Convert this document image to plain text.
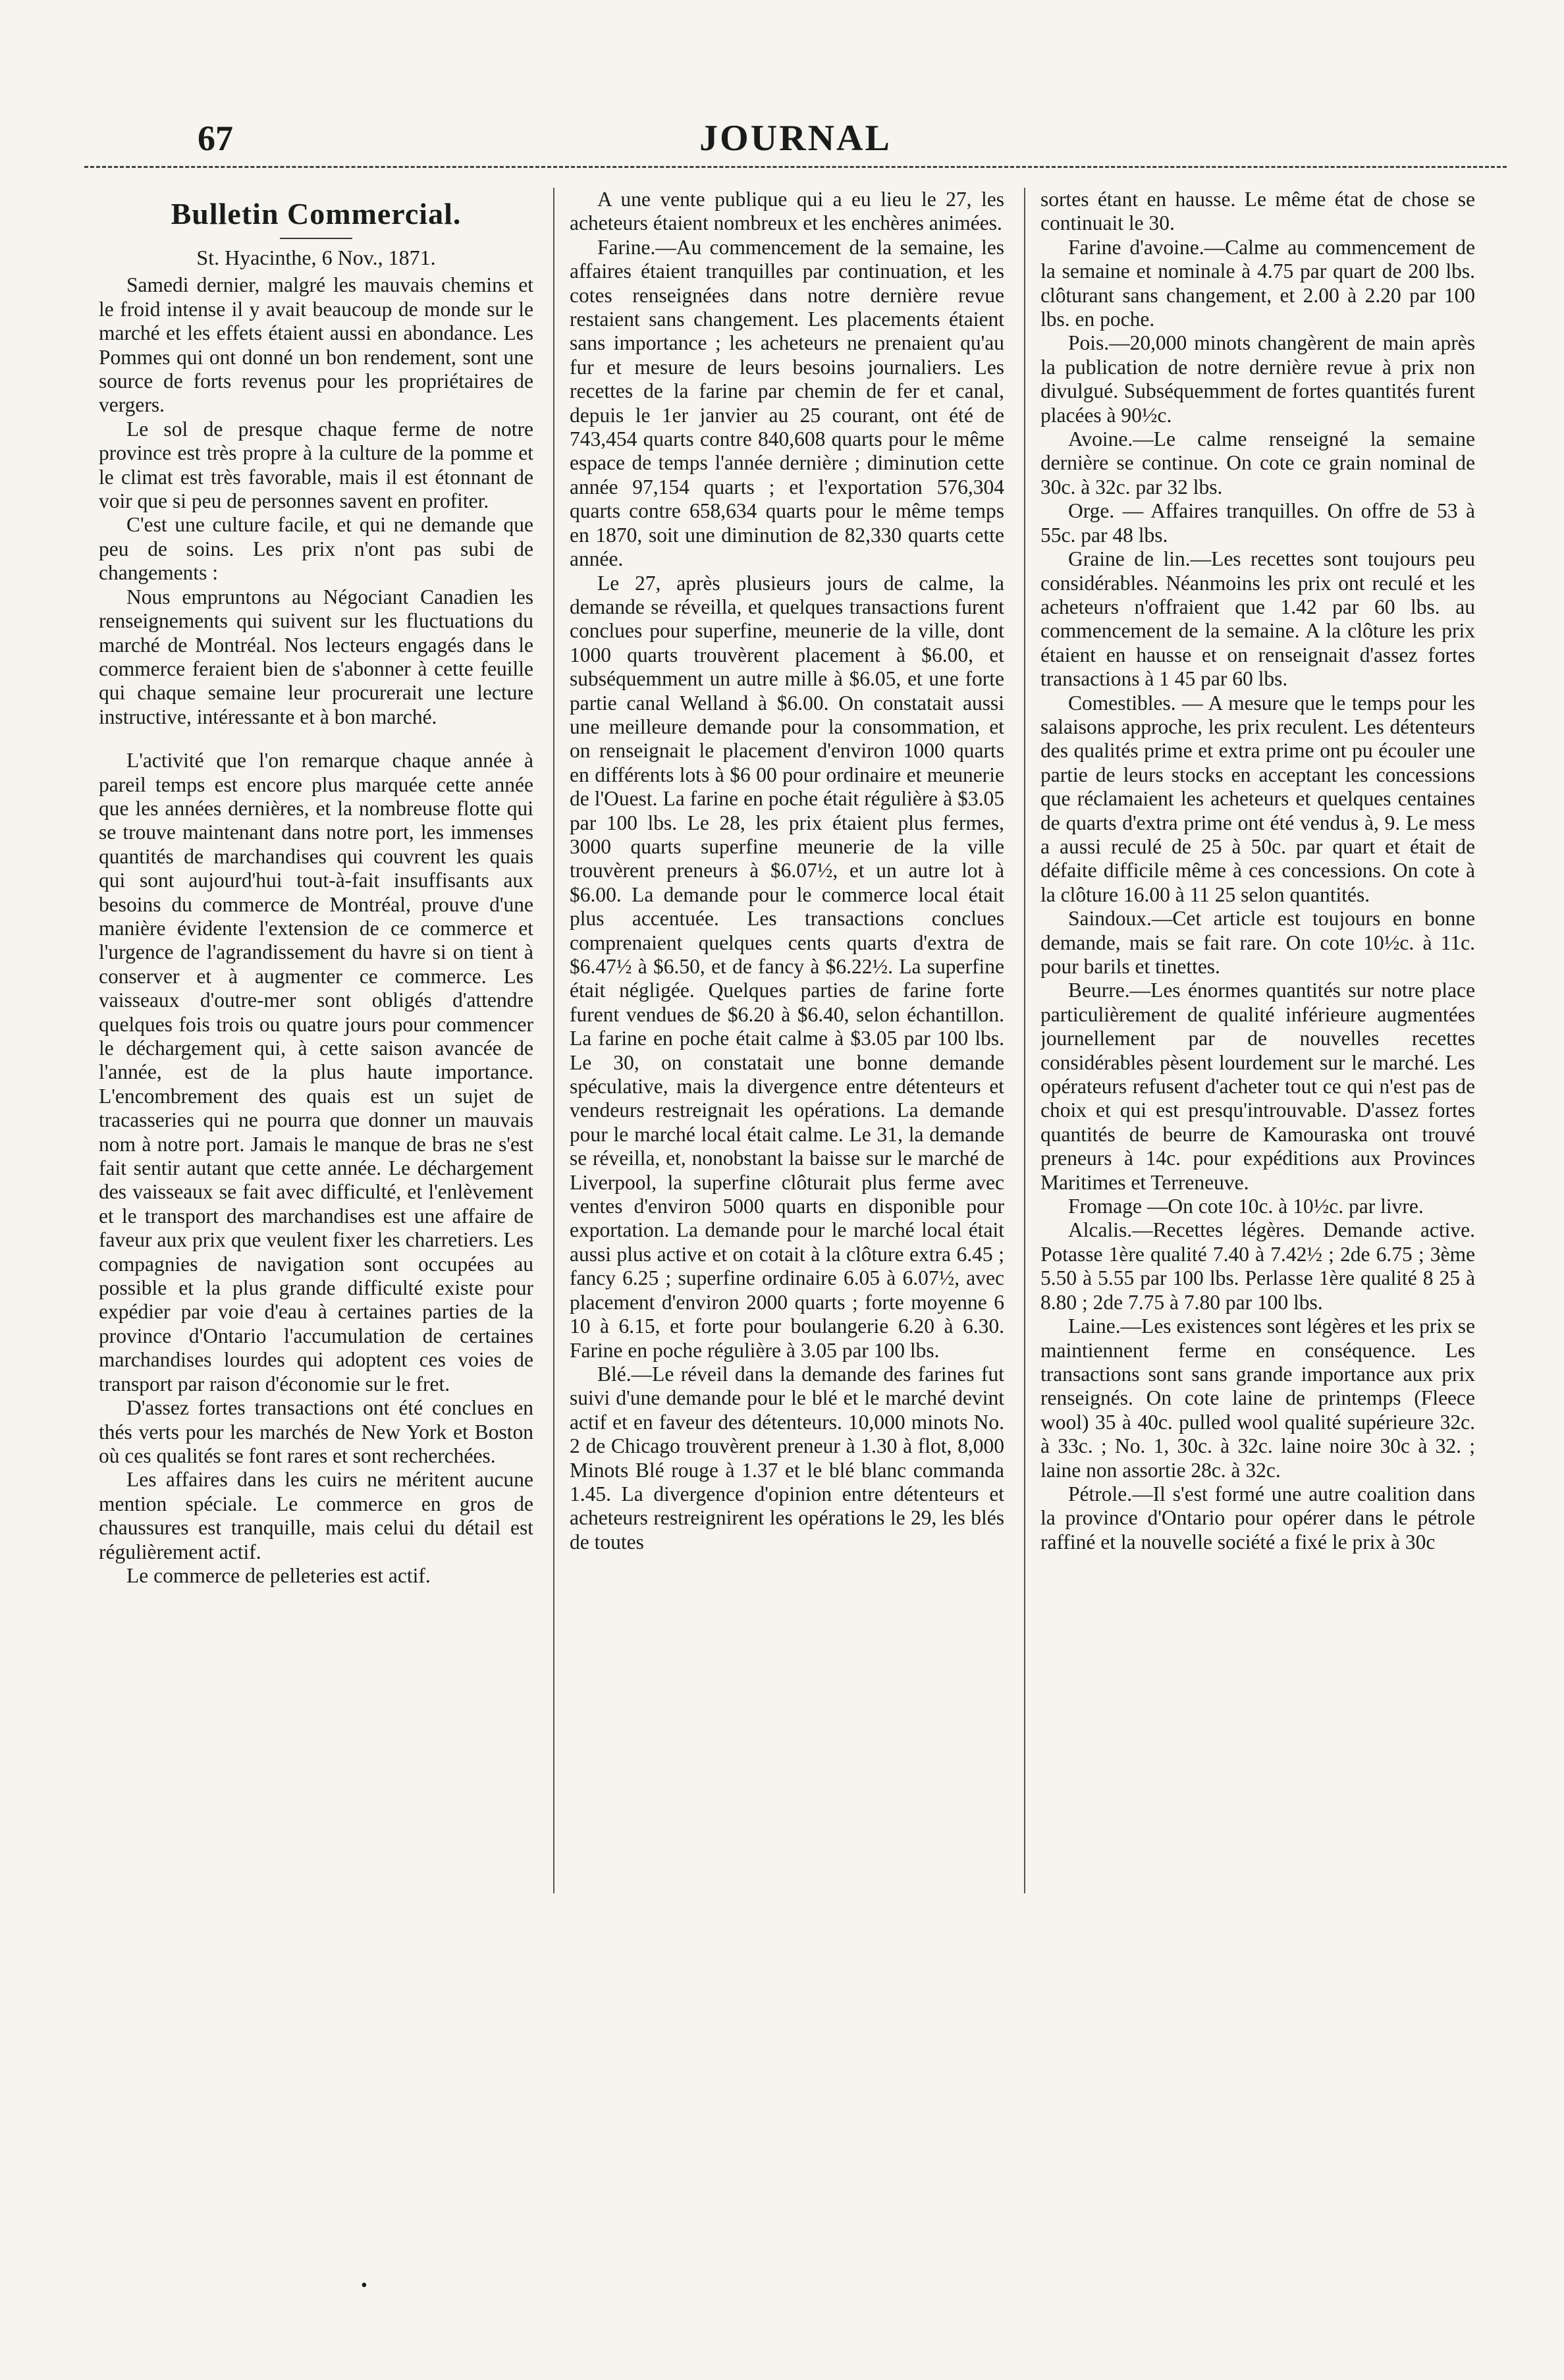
67	JOURNAL
Bulletin Commercial.
St. Hyacinthe, 6 Nov., 1871.

Samedi dernier, malgré les mauvais chemins et le froid intense il y avait beaucoup de monde sur le marché et les effets étaient aussi en abondance. Les Pommes qui ont donné un bon rendement, sont une source de forts revenus pour les propriétaires de vergers.

Le sol de presque chaque ferme de notre province est très propre à la culture de la pomme et le climat est très favorable, mais il est étonnant de voir que si peu de personnes savent en profiter.

C'est une culture facile, et qui ne demande que peu de soins. Les prix n'ont pas subi de changements :

Nous empruntons au Négociant Canadien les renseignements qui suivent sur les fluctuations du marché de Montréal. Nos lecteurs engagés dans le commerce feraient bien de s'abonner à cette feuille qui chaque semaine leur procurerait une lecture instructive, intéressante et à bon marché.

L'activité que l'on remarque chaque année à pareil temps est encore plus marquée cette année que les années dernières, et la nombreuse flotte qui se trouve maintenant dans notre port, les immenses quantités de marchandises qui couvrent les quais qui sont aujourd'hui tout-à-fait insuffisants aux besoins du commerce de Montréal, prouve d'une manière évidente l'extension de ce commerce et l'urgence de l'agrandissement du havre si on tient à conserver et à augmenter ce commerce. Les vaisseaux d'outre-mer sont obligés d'attendre quelques fois trois ou quatre jours pour commencer le déchargement qui, à cette saison avancée de l'année, est de la plus haute importance. L'encombrement des quais est un sujet de tracasseries qui ne pourra que donner un mauvais nom à notre port. Jamais le manque de bras ne s'est fait sentir autant que cette année. Le déchargement des vaisseaux se fait avec difficulté, et l'enlèvement et le transport des marchandises est une affaire de faveur aux prix que veulent fixer les charretiers. Les compagnies de navigation sont occupées au possible et la plus grande difficulté existe pour expédier par voie d'eau à certaines parties de la province d'Ontario l'accumulation de certaines marchandises lourdes qui adoptent ces voies de transport par raison d'économie sur le fret.

D'assez fortes transactions ont été conclues en thés verts pour les marchés de New York et Boston où ces qualités se font rares et sont recherchées.

Les affaires dans les cuirs ne méritent aucune mention spéciale. Le commerce en gros de chaussures est tranquille, mais celui du détail est régulièrement actif.

Le commerce de pelleteries est actif.

A une vente publique qui a eu lieu le 27, les acheteurs étaient nombreux et les enchères animées.

Farine.—Au commencement de la semaine, les affaires étaient tranquilles par continuation, et les cotes renseignées dans notre dernière revue restaient sans changement. Les placements étaient sans importance ; les acheteurs ne prenaient qu'au fur et mesure de leurs besoins journaliers. Les recettes de la farine par chemin de fer et canal, depuis le 1er janvier au 25 courant, ont été de 743,454 quarts contre 840,608 quarts pour le même espace de temps l'année dernière ; diminution cette année 97,154 quarts ; et l'exportation 576,304 quarts contre 658,634 quarts pour le même temps en 1870, soit une diminution de 82,330 quarts cette année.

Le 27, après plusieurs jours de calme, la demande se réveilla, et quelques transactions furent conclues pour superfine, meunerie de la ville, dont 1000 quarts trouvèrent placement à $6.00, et subséquemment un autre mille à $6.05, et une forte partie canal Welland à $6.00. On constatait aussi une meilleure demande pour la consommation, et on renseignait le placement d'environ 1000 quarts en différents lots à $6 00 pour ordinaire et meunerie de l'Ouest. La farine en poche était régulière à $3.05 par 100 lbs. Le 28, les prix étaient plus fermes, 3000 quarts superfine meunerie de la ville trouvèrent preneurs à $6.07½, et un autre lot à $6.00. La demande pour le commerce local était plus accentuée. Les transactions conclues comprenaient quelques cents quarts d'extra de $6.47½ à $6.50, et de fancy à $6.22½. La superfine était négligée. Quelques parties de farine forte furent vendues de $6.20 à $6.40, selon échantillon. La farine en poche était calme à $3.05 par 100 lbs. Le 30, on constatait une bonne demande spéculative, mais la divergence entre détenteurs et vendeurs restreignait les opérations. La demande pour le marché local était calme. Le 31, la demande se réveilla, et, nonobstant la baisse sur le marché de Liverpool, la superfine clôturait plus ferme avec ventes d'environ 5000 quarts en disponible pour exportation. La demande pour le marché local était aussi plus active et on cotait à la clôture extra 6.45 ; fancy 6.25 ; superfine ordinaire 6.05 à 6.07½, avec placement d'environ 2000 quarts ; forte moyenne 6 10 à 6.15, et forte pour boulangerie 6.20 à 6.30. Farine en poche régulière à 3.05 par 100 lbs.

Blé.—Le réveil dans la demande des farines fut suivi d'une demande pour le blé et le marché devint actif et en faveur des détenteurs. 10,000 minots No. 2 de Chicago trouvèrent preneur à 1.30 à flot, 8,000 Minots Blé rouge à 1.37 et le blé blanc commanda 1.45. La divergence d'opinion entre détenteurs et acheteurs restreignirent les opérations le 29, les blés de toutes

sortes étant en hausse. Le même état de chose se continuait le 30.

Farine d'avoine.—Calme au commencement de la semaine et nominale à 4.75 par quart de 200 lbs. clôturant sans changement, et 2.00 à 2.20 par 100 lbs. en poche.

Pois.—20,000 minots changèrent de main après la publication de notre dernière revue à prix non divulgué. Subséquemment de fortes quantités furent placées à 90½c.

Avoine.—Le calme renseigné la semaine dernière se continue. On cote ce grain nominal de 30c. à 32c. par 32 lbs.

Orge. — Affaires tranquilles. On offre de 53 à 55c. par 48 lbs.

Graine de lin.—Les recettes sont toujours peu considérables. Néanmoins les prix ont reculé et les acheteurs n'offraient que 1.42 par 60 lbs. au commencement de la semaine. A la clôture les prix étaient en hausse et on renseignait d'assez fortes transactions à 1 45 par 60 lbs.

Comestibles. — A mesure que le temps pour les salaisons approche, les prix reculent. Les détenteurs des qualités prime et extra prime ont pu écouler une partie de leurs stocks en acceptant les concessions que réclamaient les acheteurs et quelques centaines de quarts d'extra prime ont été vendus à, 9. Le mess a aussi reculé de 25 à 50c. par quart et était de défaite difficile même à ces concessions. On cote à la clôture 16.00 à 11 25 selon quantités.

Saindoux.—Cet article est toujours en bonne demande, mais se fait rare. On cote 10½c. à 11c. pour barils et tinettes.

Beurre.—Les énormes quantités sur notre place particulièrement de qualité inférieure augmentées journellement par de nouvelles recettes considérables pèsent lourdement sur le marché. Les opérateurs refusent d'acheter tout ce qui n'est pas de choix et qui est presqu'introuvable. D'assez fortes quantités de beurre de Kamouraska ont trouvé preneurs à 14c. pour expéditions aux Provinces Maritimes et Terreneuve.

Fromage —On cote 10c. à 10½c. par livre.

Alcalis.—Recettes légères. Demande active. Potasse 1ère qualité 7.40 à 7.42½ ; 2de 6.75 ; 3ème 5.50 à 5.55 par 100 lbs. Perlasse 1ère qualité 8 25 à 8.80 ; 2de 7.75 à 7.80 par 100 lbs.

Laine.—Les existences sont légères et les prix se maintiennent ferme en conséquence. Les transactions sont sans grande importance aux prix renseignés. On cote laine de printemps (Fleece wool) 35 à 40c. pulled wool qualité supérieure 32c. à 33c. ; No. 1, 30c. à 32c. laine noire 30c à 32. ; laine non assortie 28c. à 32c.

Pétrole.—Il s'est formé une autre coalition dans la province d'Ontario pour opérer dans le pétrole raffiné et la nouvelle société a fixé le prix à 30c

•
